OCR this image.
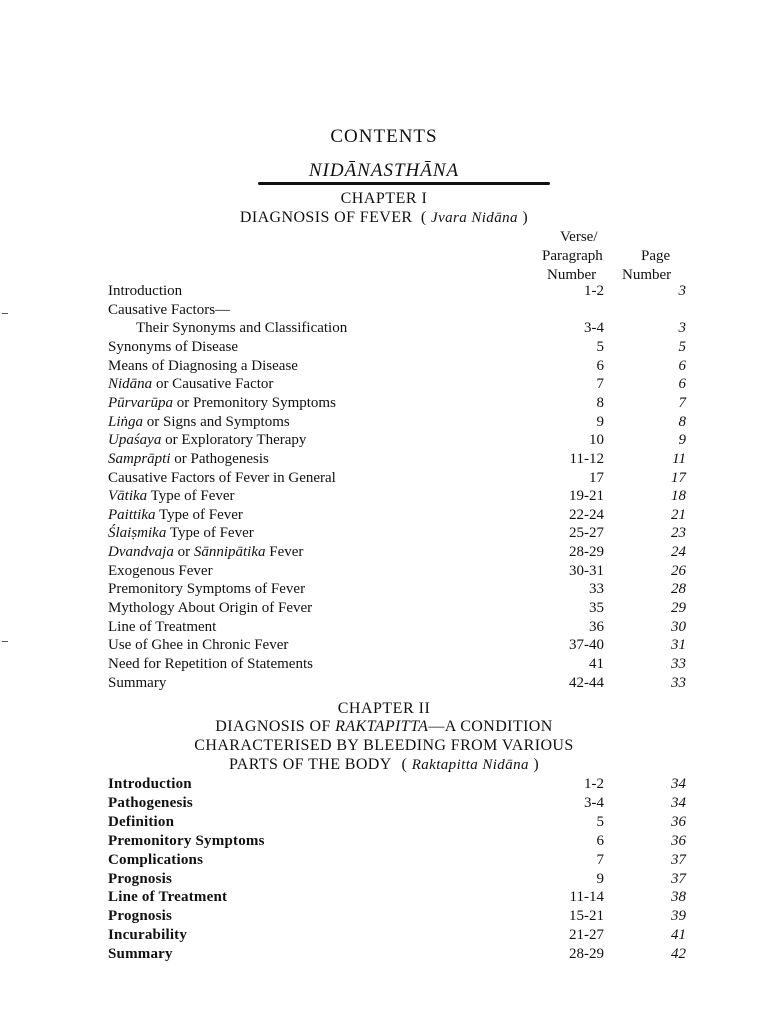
CONTENTS
NIDĀNASTHĀNA
CHAPTER I
DIAGNOSIS OF FEVER ( Jvara Nidāna )
Verse/
Paragraph	Page
Number Number
Introduction	1-2	3
Causative Factors—
Their Synonyms and Classification	3-4	3
Synonyms of Disease	5	5
Means of Diagnosing a Disease	6	6
Nidāna or Causative Factor	7	6
Pūrvarūpa or Premonitory Symptoms	8	7
Liṅga or Signs and Symptoms	9	8
Upaśaya or Exploratory Therapy	10	9
Samprāpti or Pathogenesis	11-12	11
Causative Factors of Fever in General	17	17
Vātika Type of Fever	19-21	18
Paittika Type of Fever	22-24	21
Ślaiṣmika Type of Fever	25-27	23
Dvandvaja or Sānnipātika Fever	28-29	24
Exogenous Fever	30-31	26
Premonitory Symptoms of Fever	33	28
Mythology About Origin of Fever	35	29
Line of Treatment	36	30
Use of Ghee in Chronic Fever	37-40	31
Need for Repetition of Statements	41	33
Summary	42-44	33
CHAPTER II
DIAGNOSIS OF RAKTAPITTA—A CONDITION
CHARACTERISED BY BLEEDING FROM VARIOUS
PARTS OF THE BODY ( Raktapitta Nidāna )
Introduction	1-2	34
Pathogenesis	3-4	34
Definition	5	36
Premonitory Symptoms	6	36
Complications	7	37
Prognosis	9	37
Line of Treatment	11-14	38
Prognosis	15-21	39
Incurability	21-27	41
Summary	28-29	42
